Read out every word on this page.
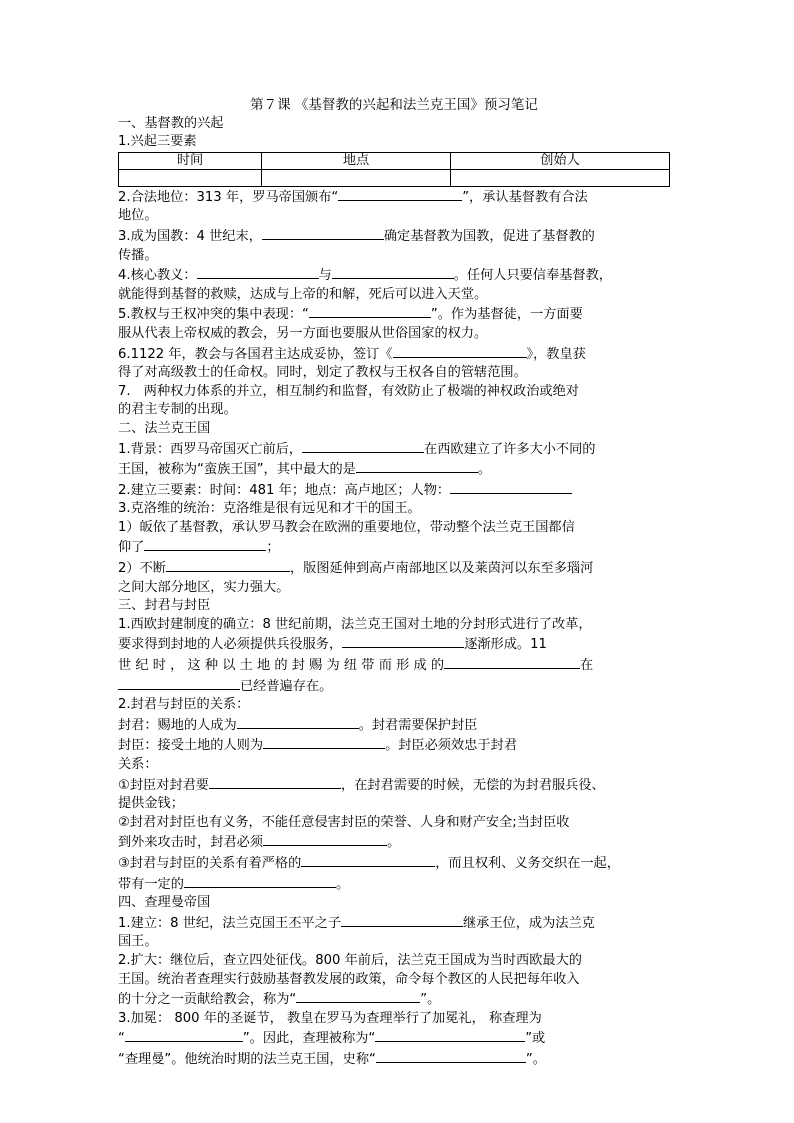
第７课 《基督教的兴起和法兰克王国》预习笔记
一、基督教的兴起
1.兴起三要素
时间	地点	创始人

2.合法地位：313 年，罗马帝国颁布“	”，承认基督教有合法
地位。
3.成为国教：4 世纪末，	确定基督教为国教，促进了基督教的
传播。
4.核心教义：	与	。任何人只要信奉基督教，
就能得到基督的救赎，达成与上帝的和解，死后可以进入天堂。
5.教权与王权冲突的集中表现：“	”。作为基督徒，一方面要
服从代表上帝权威的教会，另一方面也要服从世俗国家的权力。
6.1122 年，教会与各国君主达成妥协，签订《	》，教皇获
得了对高级教士的任命权。同时，划定了教权与王权各自的管辖范围。
7.　两种权力体系的并立，相互制约和监督，有效防止了极端的神权政治或绝对
的君主专制的出现。
二、法兰克王国
1.背景：西罗马帝国灭亡前后，	在西欧建立了许多大小不同的
王国，被称为“蛮族王国”，其中最大的是	。
2.建立三要素：时间：481 年；地点：高卢地区；人物：
3.克洛维的统治：克洛维是很有远见和才干的国王。
1）皈依了基督教，承认罗马教会在欧洲的重要地位，带动整个法兰克王国都信
仰了	；
2）不断	，版图延伸到高卢南部地区以及莱茵河以东至多瑙河
之间大部分地区，实力强大。
三、封君与封臣
1.西欧封建制度的确立：8 世纪前期，法兰克王国对土地的分封形式进行了改革，
要求得到封地的人必须提供兵役服务，	逐渐形成。11
世 纪 时 ， 这 种 以 土 地 的 封 赐 为 纽 带 而 形 成 的	在
已经普遍存在。
2.封君与封臣的关系：
封君：赐地的人成为	。封君需要保护封臣
封臣：接受土地的人则为	。封臣必须效忠于封君
关系：
①封臣对封君要	，在封君需要的时候，无偿的为封君服兵役、
提供金钱；
②封君对封臣也有义务，不能任意侵害封臣的荣誉、人身和财产安全;当封臣收
到外来攻击时，封君必须	。
③封君与封臣的关系有着严格的	，而且权利、义务交织在一起，
带有一定的	。
四、查理曼帝国
1.建立：8 世纪，法兰克国王丕平之子	继承王位，成为法兰克
国王。
2.扩大：继位后，查立四处征伐。800 年前后，法兰克王国成为当时西欧最大的
王国。统治者查理实行鼓励基督教发展的政策，命令每个教区的人民把每年收入
的十分之一贡献给教会，称为“	”。
3.加冕： 800 年的圣诞节， 教皇在罗马为查理举行了加冕礼， 称查理为
“	”。因此，查理被称为“	”或
“查理曼”。他统治时期的法兰克王国，史称“	”。
